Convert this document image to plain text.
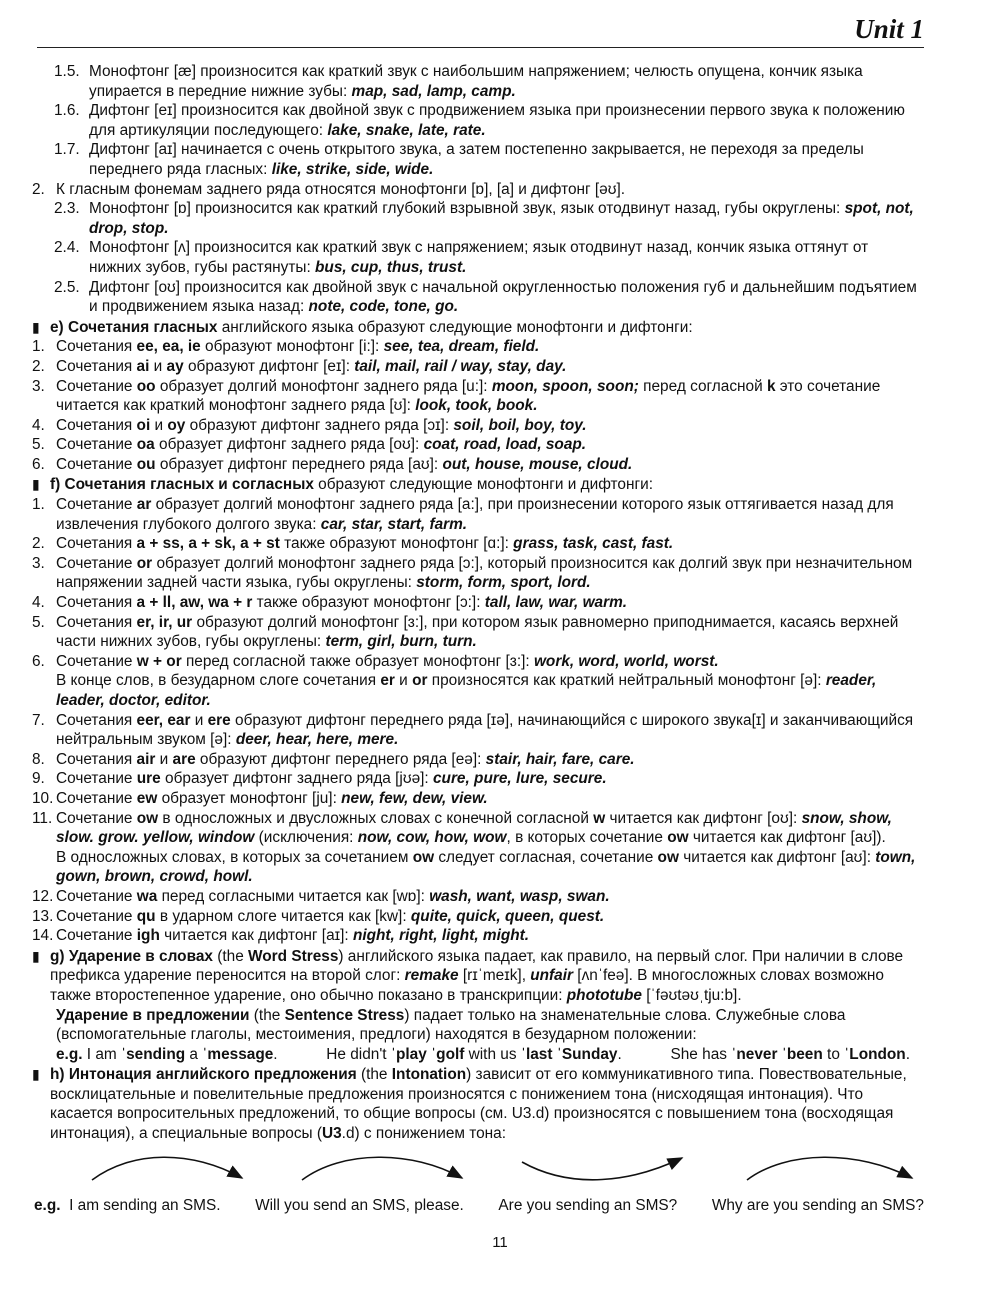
Unit 1
1.5. Монофтонг [æ] произносится как краткий звук с наибольшим напряжением; челюсть опущена, кончик языка упирается в передние нижние зубы: map, sad, lamp, camp.
1.6. Дифтонг [eɪ] произносится как двойной звук с продвижением языка при произнесении первого звука к положению для артикуляции последующего: lake, snake, late, rate.
1.7. Дифтонг [aɪ] начинается с очень открытого звука, а затем постепенно закрывается, не переходя за пределы переднего ряда гласных: like, strike, side, wide.
2. К гласным фонемам заднего ряда относятся монофтонги [ɒ], [a] и дифтонг [əʊ].
2.3. Монофтонг [ɒ] произносится как краткий глубокий взрывной звук, язык отодвинут назад, губы округлены: spot, not, drop, stop.
2.4. Монофтонг [ʌ] произносится как краткий звук с напряжением; язык отодвинут назад, кончик языка оттянут от нижних зубов, губы растянуты: bus, cup, thus, trust.
2.5. Дифтонг [oʊ] произносится как двойной звук с начальной округленностью положения губ и дальнейшим подъятием и продвижением языка назад: note, code, tone, go.
▮ e) Сочетания гласных английского языка образуют следующие монофтонги и дифтонги:
1. Сочетания ee, ea, ie образуют монофтонг [i:]: see, tea, dream, field.
2. Сочетания ai и ay образуют дифтонг [eɪ]: tail, mail, rail / way, stay, day.
3. Сочетание oo образует долгий монофтонг заднего ряда [u:]: moon, spoon, soon; перед согласной k это сочетание читается как краткий монофтонг заднего ряда [ʊ]: look, took, book.
4. Сочетания oi и oy образуют дифтонг заднего ряда [ɔɪ]: soil, boil, boy, toy.
5. Сочетание oa образует дифтонг заднего ряда [oʊ]: coat, road, load, soap.
6. Сочетание ou образует дифтонг переднего ряда [aʊ]: out, house, mouse, cloud.
▮ f) Сочетания гласных и согласных образуют следующие монофтонги и дифтонги:
1. Сочетание ar образует долгий монофтонг заднего ряда [a:], при произнесении которого язык оттягивается назад для извлечения глубокого долгого звука: car, star, start, farm.
2. Сочетания a + ss, a + sk, a + st также образуют монофтонг [ɑ:]: grass, task, cast, fast.
3. Сочетание or образует долгий монофтонг заднего ряда [ɔ:], который произносится как долгий звук при незначительном напряжении задней части языка, губы округлены: storm, form, sport, lord.
4. Сочетания a + ll, aw, wa + r также образуют монофтонг [ɔ:]: tall, law, war, warm.
5. Сочетания er, ir, ur образуют долгий монофтонг [ɜ:], при котором язык равномерно приподнимается, касаясь верхней части нижних зубов, губы округлены: term, girl, burn, turn.
6. Сочетание w + or перед согласной также образует монофтонг [ɜ:]: work, word, world, worst.
В конце слов, в безударном слоге сочетания er и or произносятся как краткий нейтральный монофтонг [ə]: reader, leader, doctor, editor.
7. Сочетания eer, ear и ere образуют дифтонг переднего ряда [ɪə], начинающийся с широкого звука[ɪ] и заканчивающийся нейтральным звуком [ə]: deer, hear, here, mere.
8. Сочетания air и are образуют дифтонг переднего ряда [eə]: stair, hair, fare, care.
9. Сочетание ure образует дифтонг заднего ряда [jʊə]: cure, pure, lure, secure.
10. Сочетание ew образует монофтонг [ju]: new, few, dew, view.
11. Сочетание ow в односложных и двусложных словах с конечной согласной w читается как дифтонг [oʊ]: snow, show, slow. grow. yellow, window (исключения: now, cow, how, wow, в которых сочетание ow читается как дифтонг [aʊ]).
В односложных словах, в которых за сочетанием ow следует согласная, сочетание ow читается как дифтонг [aʊ]: town, gown, brown, crowd, howl.
12. Сочетание wa перед согласными читается как [wɒ]: wash, want, wasp, swan.
13. Сочетание qu в ударном слоге читается как [kw]: quite, quick, queen, quest.
14. Сочетание igh читается как дифтонг [aɪ]: night, right, light, might.
▮ g) Ударение в словах (the Word Stress) английского языка падает, как правило, на первый слог. При наличии в слове префикса ударение переносится на второй слог: remake [rɪˈmeɪk], unfair [ʌnˈfeə]. В многосложных словах возможно также второстепенное ударение, оно обычно показано в транскрипции: phototube [ˈfəʊtəʊˌtju:b].
Ударение в предложении (the Sentence Stress) падает только на знаменательные слова. Служебные слова (вспомогательные глаголы, местоимения, предлоги) находятся в безударном положении:
e.g. I am ˈsending a ˈmessage.	He didn't ˈplay ˈgolf with us ˈlast ˈSunday.	She has ˈnever ˈbeen to ˈLondon.
▮ h) Интонация английского предложения (the Intonation) зависит от его коммуникативного типа. Повествовательные, восклицательные и повелительные предложения произносятся с понижением тона (нисходящая интонация). Что касается вопросительных предложений, то общие вопросы (см. U3.d) произносятся с повышением тона (восходящая интонация), а специальные вопросы (U3.d) с понижением тона:
e.g. I am sending an SMS. Will you send an SMS, please. Are you sending an SMS? Why are you sending an SMS?
11
